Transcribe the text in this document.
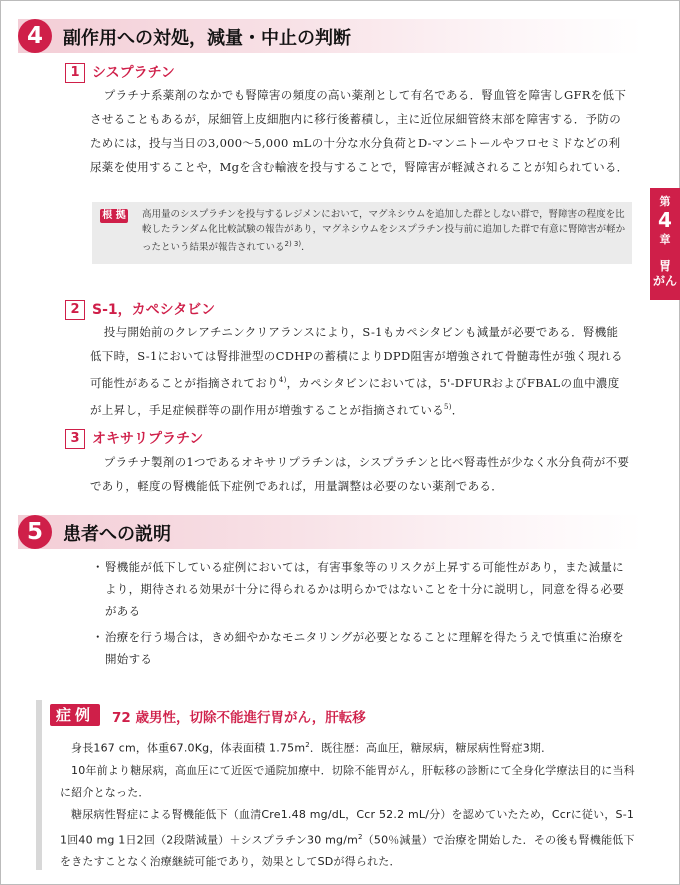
4	副作用への対処，減量・中止の判断
1 シスプラチン

プラチナ系薬剤のなかでも腎障害の頻度の高い薬剤として有名である．腎血管を障害しGFRを低下させることもあるが，尿細管上皮細胞内に移行後蓄積し，主に近位尿細管終末部を障害する．予防のためには，投与当日の3,000～5,000 mLの十分な水分負荷とD-マンニトールやフロセミドなどの利尿薬を使用することや，Mgを含む輸液を投与することで，腎障害が軽減されることが知られている．

根 拠 高用量のシスプラチンを投与するレジメンにおいて，マグネシウムを追加した群としない群で，腎障害の程度を比較したランダム化比較試験の報告があり，マグネシウムをシスプラチン投与前に追加した群で有意に腎障害が軽かったという結果が報告されている$^{2) 3)}$．
2 S-1，カペシタビン

投与開始前のクレアチニンクリアランスにより，S-1もカペシタビンも減量が必要である．腎機能低下時，S-1においては腎排泄型のCDHPの蓄積によりDPD阻害が増強されて骨髄毒性が強く現れる可能性があることが指摘されており$^{4)}$，カペシタビンにおいては，5'-DFURおよびFBALの血中濃度が上昇し，手足症候群等の副作用が増強することが指摘されている$^{5)}$．

3 オキサリプラチン

プラチナ製剤の1つであるオキサリプラチンは，シスプラチンと比べ腎毒性が少なく水分負荷が不要であり，軽度の腎機能低下症例であれば，用量調整は必要のない薬剤である．

5	患者への説明
・ 腎機能が低下している症例においては，有害事象等のリスクが上昇する可能性があり，また減量により，期待される効果が十分に得られるかは明らかではないことを十分に説明し，同意を得る必要がある
・ 治療を行う場合は，きめ細やかなモニタリングが必要となることに理解を得たうえで慎重に治療を開始する
症例	72 歳男性，切除不能進行胃がん，肝転移

身長167 cm，体重67.0Kg，体表面積 $1.75m^2$．既往歴：高血圧，糖尿病，糖尿病性腎症3期．

10年前より糖尿病，高血圧にて近医で通院加療中．切除不能胃がん，肝転移の診断にて全身化学療法目的に当科に紹介となった．

糖尿病性腎症による腎機能低下（血清Cre1.48 mg/dL，Ccr 52.2 mL/分）を認めていたため，Ccrに従い，S-1 1回40 mg 1日2回（2段階減量）＋シスプラチン30 $mg/m^2(50$％減量）で治療を開始した．その後も腎機能低下をきたすことなく治療継続可能であり，効果としてSDが得られた．

第
4
章
胃
がん
